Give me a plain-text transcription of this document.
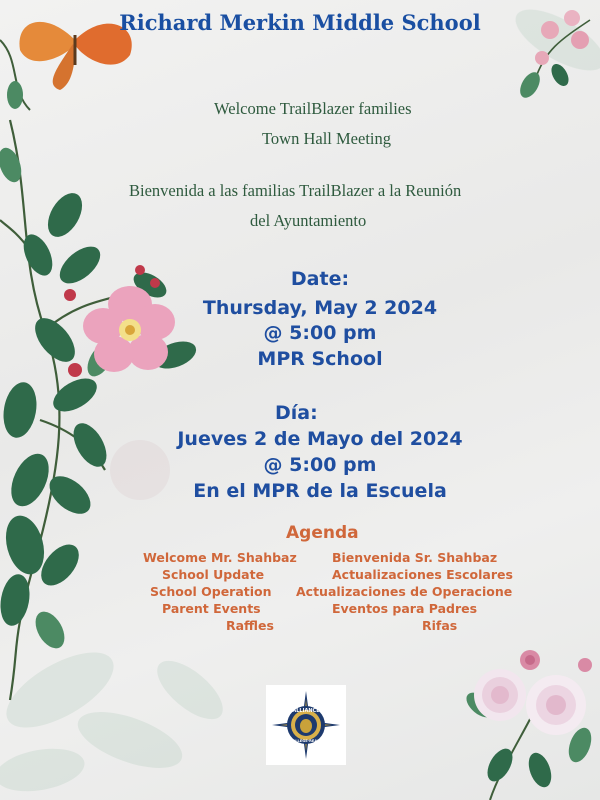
Richard Merkin Middle School

Welcome TrailBlazer families

Town Hall Meeting

Bienvenida a las familias TrailBlazer a la Reunión

del Ayuntamiento

Date:

Thursday, May 2 2024

@ 5:00 pm

MPR School

Día:

Jueves 2 de Mayo del 2024

@ 5:00 pm

En el MPR de la Escuela

Agenda

Welcome Mr. Shahbaz

School Update

School Operation

Parent Events

Raffles

Bienvenida Sr. Shahbaz

Actualizaciones Escolares

Actualizaciones de Operacione

Eventos para Padres

Rifas

ALLIANCE
COLLEGE-READY
